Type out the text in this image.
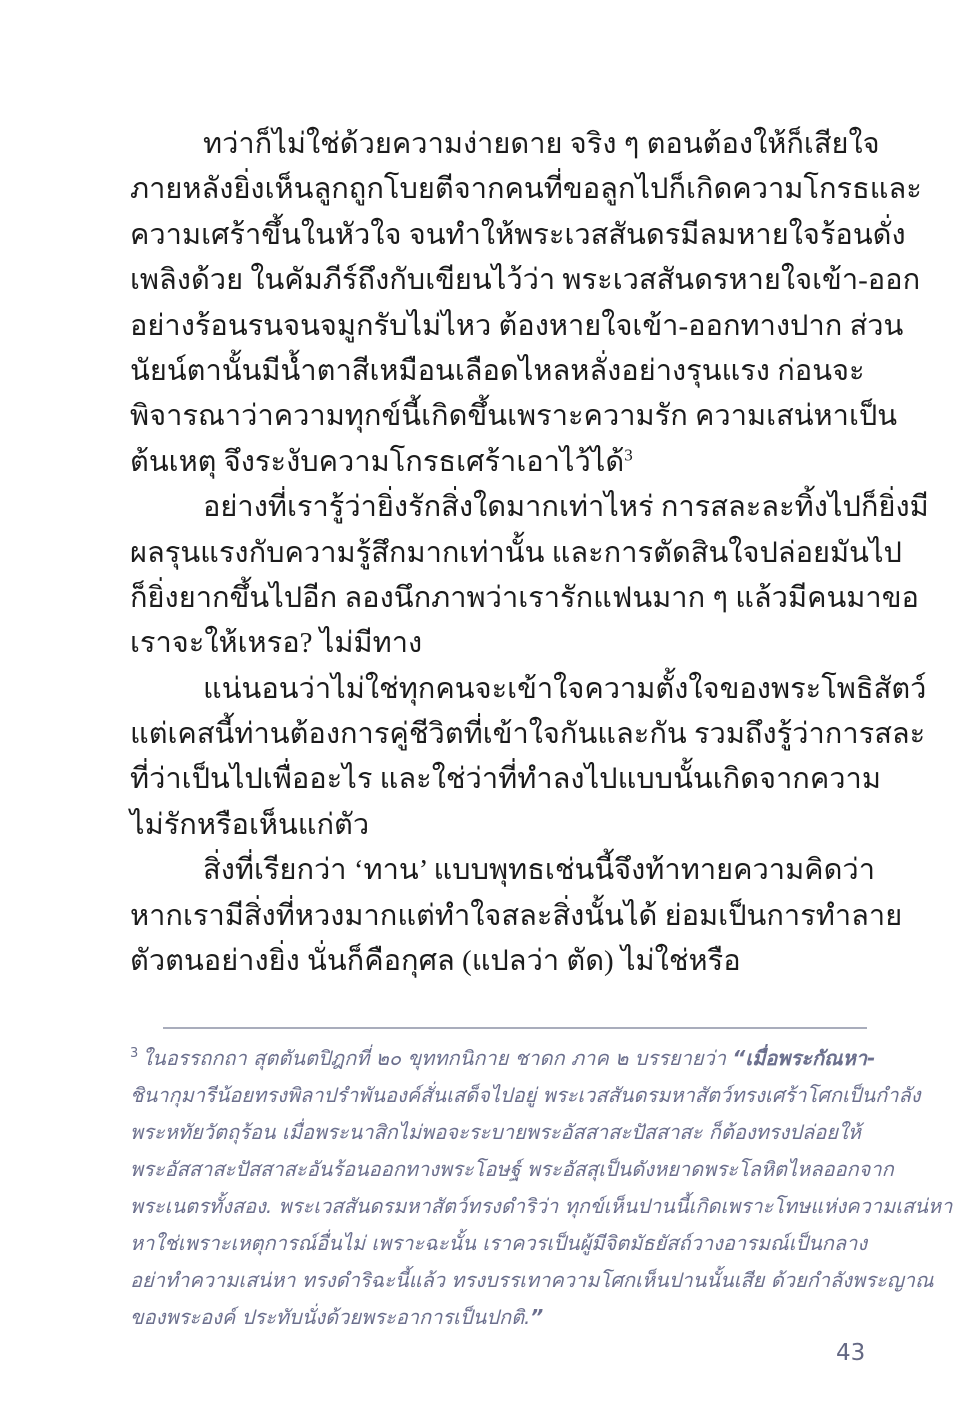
ทว่าก็ไม่ใช่ด้วยความง่ายดาย จริง ๆ ตอนต้องให้ก็เสียใจ
ภายหลังยิ่งเห็นลูกถูกโบยตีจากคนที่ขอลูกไปก็เกิดความโกรธและ
ความเศร้าขึ้นในหัวใจ จนทำให้พระเวสสันดรมีลมหายใจร้อนดั่ง
เพลิงด้วย ในคัมภีร์ถึงกับเขียนไว้ว่า พระเวสสันดรหายใจเข้า-ออก
อย่างร้อนรนจนจมูกรับไม่ไหว ต้องหายใจเข้า-ออกทางปาก ส่วน
นัยน์ตานั้นมีน้ำตาสีเหมือนเลือดไหลหลั่งอย่างรุนแรง ก่อนจะ
พิจารณาว่าความทุกข์นี้เกิดขึ้นเพราะความรัก ความเสน่หาเป็น
ต้นเหตุ จึงระงับความโกรธเศร้าเอาไว้ได้$^3$
อย่างที่เรารู้ว่ายิ่งรักสิ่งใดมากเท่าไหร่ การสละละทิ้งไปก็ยิ่งมี
ผลรุนแรงกับความรู้สึกมากเท่านั้น และการตัดสินใจปล่อยมันไป
ก็ยิ่งยากขึ้นไปอีก ลองนึกภาพว่าเรารักแฟนมาก ๆ แล้วมีคนมาขอ
เราจะให้เหรอ? ไม่มีทาง
แน่นอนว่าไม่ใช่ทุกคนจะเข้าใจความตั้งใจของพระโพธิสัตว์
แต่เคสนี้ท่านต้องการคู่ชีวิตที่เข้าใจกันและกัน รวมถึงรู้ว่าการสละ
ที่ว่าเป็นไปเพื่ออะไร และใช่ว่าที่ทำลงไปแบบนั้นเกิดจากความ
ไม่รักหรือเห็นแก่ตัว
สิ่งที่เรียกว่า ‘ทาน’ แบบพุทธเช่นนี้จึงท้าทายความคิดว่า
หากเรามีสิ่งที่หวงมากแต่ทำใจสละสิ่งนั้นได้ ย่อมเป็นการทำลาย
ตัวตนอย่างยิ่ง นั่นก็คือกุศล (แปลว่า ตัด) ไม่ใช่หรือ
$^3$ ในอรรถกถา สุตตันตปิฎกที่ ๒๐ ขุททกนิกาย ชาดก ภาค ๒ บรรยายว่า “เมื่อพระกัณหา-
ชินากุมารีน้อยทรงพิลาปรำพันองค์สั่นเสด็จไปอยู่ พระเวสสันดรมหาสัตว์ทรงเศร้าโศกเป็นกำลัง
พระหทัยวัตถุร้อน เมื่อพระนาสิกไม่พอจะระบายพระอัสสาสะปัสสาสะ ก็ต้องทรงปล่อยให้
พระอัสสาสะปัสสาสะอันร้อนออกทางพระโอษฐ์ พระอัสสุเป็นดังหยาดพระโลหิตไหลออกจาก
พระเนตรทั้งสอง. พระเวสสันดรมหาสัตว์ทรงดำริว่า ทุกข์เห็นปานนี้เกิดเพราะโทษแห่งความเสน่หา
หาใช่เพราะเหตุการณ์อื่นไม่ เพราะฉะนั้น เราควรเป็นผู้มีจิตมัธยัสถ์วางอารมณ์เป็นกลาง
อย่าทำความเสน่หา ทรงดำริฉะนี้แล้ว ทรงบรรเทาความโศกเห็นปานนั้นเสีย ด้วยกำลังพระญาณ
ของพระองค์ ประทับนั่งด้วยพระอาการเป็นปกติ.”
43
